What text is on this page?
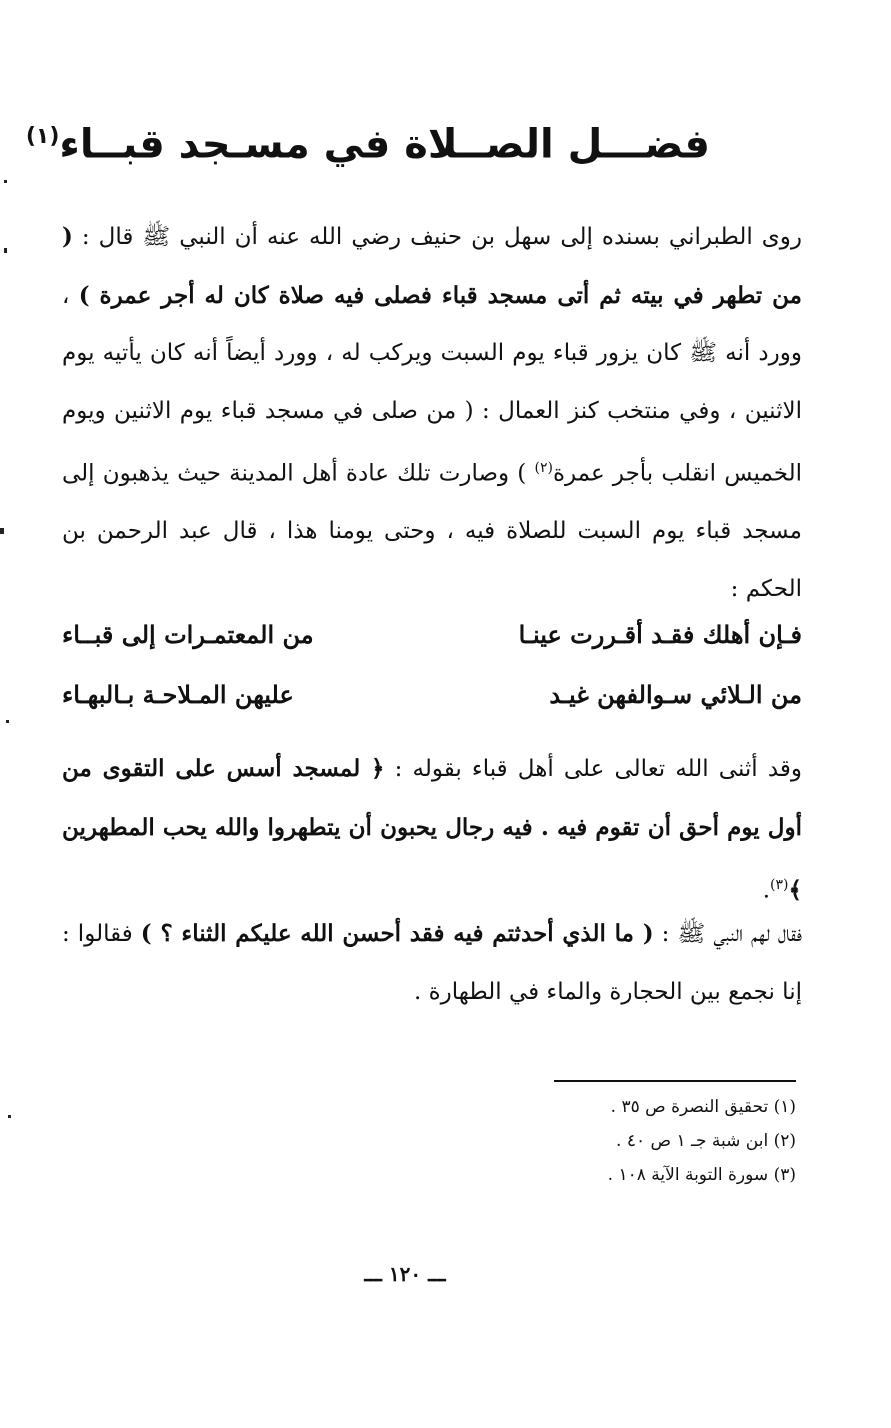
فضـــل الصــلاة في مسـجد قبــاء$^{(١)}$
روى الطبراني بسنده إلى سهل بن حنيف رضي الله عنه أن النبي ﷺ قال : ( من تطهر في بيته ثم أتى مسجد قباء فصلى فيه صلاة كان له أجر عمرة ) ، وورد أنه ﷺ كان يزور قباء يوم السبت ويركب له ، وورد أيضاً أنه كان يأتيه يوم الاثنين ، وفي منتخب كنز العمال : ( من صلى في مسجد قباء يوم الاثنين ويوم الخميس انقلب بأجر عمرة$^{(٢)}$ ) وصارت تلك عادة أهل المدينة حيث يذهبون إلى مسجد قباء يوم السبت للصلاة فيه ، وحتى يومنا هذا ، قال عبد الرحمن بن الحكم :
فـإن أهلك فقـد أقـررت عينـا
من المعتمـرات إلى قبــاء
من الـلائي سـوالفهن غيـد
عليهن المـلاحـة بـالبهـاء
وقد أثنى الله تعالى على أهل قباء بقوله : ﴿ لمسجد أسس على التقوى من أول يوم أحق أن تقوم فيه . فيه رجال يحبون أن يتطهروا والله يحب المطهرين ﴾$^{(٣)}$.
فقال لهم النبي ﷺ : ( ما الذي أحدثتم فيه فقد أحسن الله عليكم الثناء ؟ ) فقالوا : إنا نجمع بين الحجارة والماء في الطهارة .
(١) تحقيق النصرة ص ٣٥ .
(٢) ابن شبة جـ ١ ص ٤٠ .
(٣) سورة التوبة الآية ١٠٨ .
ـــ ١٢٠ ـــ
